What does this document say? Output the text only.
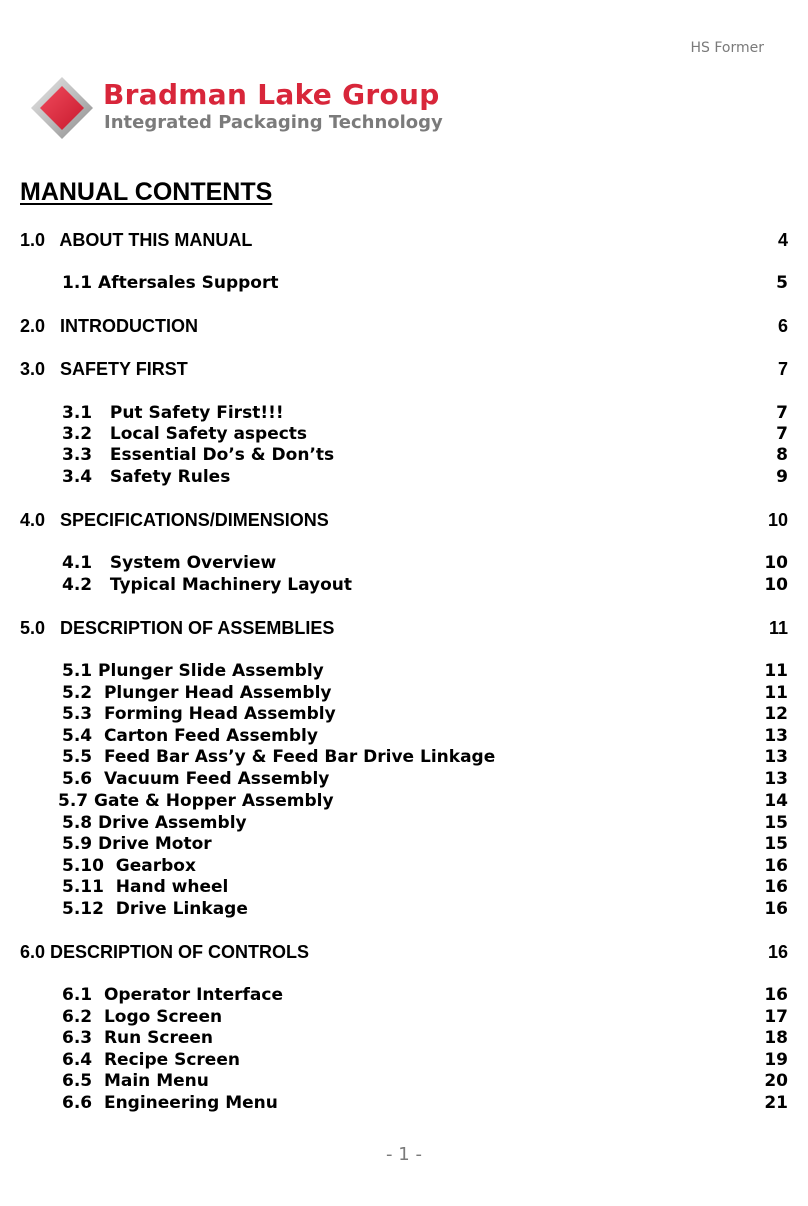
HS Former
Bradman Lake Group
Integrated Packaging Technology
MANUAL CONTENTS
1.0   ABOUT THIS MANUAL	4
1.1 Aftersales Support	5
2.0   INTRODUCTION	6
3.0   SAFETY FIRST	7
3.1   Put Safety First!!!	7
3.2   Local Safety aspects	7
3.3   Essential Do’s & Don’ts	8
3.4   Safety Rules	9
4.0   SPECIFICATIONS/DIMENSIONS	10
4.1   System Overview	10
4.2   Typical Machinery Layout	10
5.0   DESCRIPTION OF ASSEMBLIES	11
5.1 Plunger Slide Assembly	11
5.2  Plunger Head Assembly	11
5.3  Forming Head Assembly	12
5.4  Carton Feed Assembly	13
5.5  Feed Bar Ass’y & Feed Bar Drive Linkage	13
5.6  Vacuum Feed Assembly	13
5.7 Gate & Hopper Assembly	14
5.8 Drive Assembly	15
5.9 Drive Motor	15
5.10  Gearbox	16
5.11  Hand wheel	16
5.12  Drive Linkage	16
6.0 DESCRIPTION OF CONTROLS	16
6.1  Operator Interface	16
6.2  Logo Screen	17
6.3  Run Screen	18
6.4  Recipe Screen	19
6.5  Main Menu	20
6.6  Engineering Menu	21
- 1 -
